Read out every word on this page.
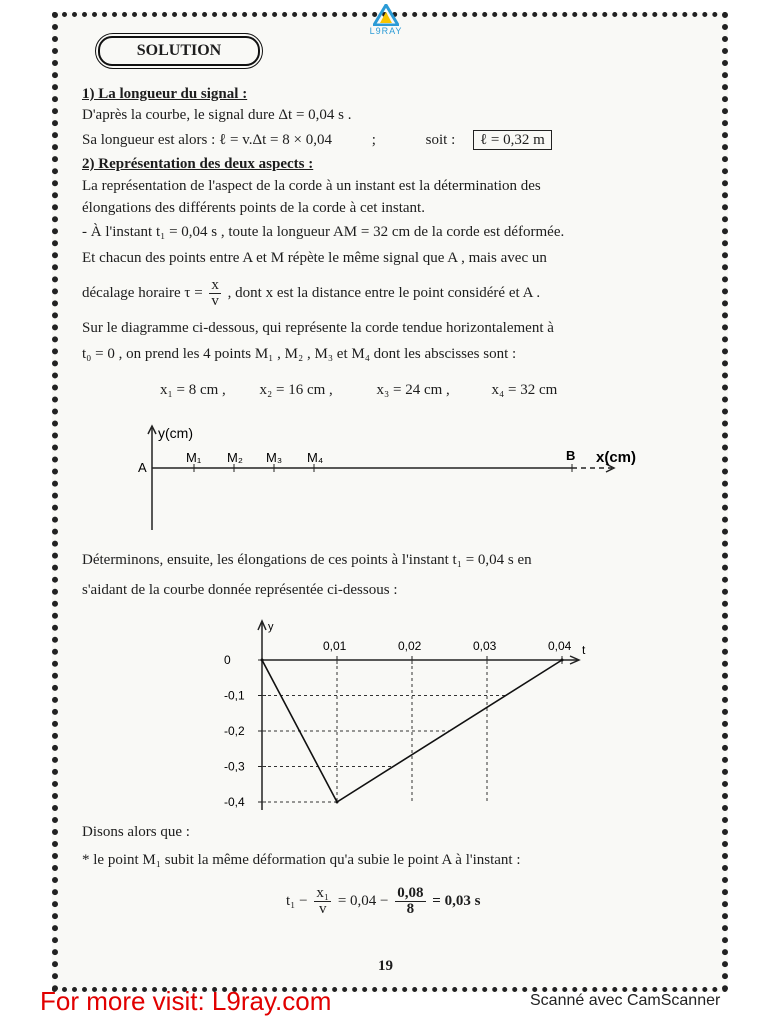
L9RAY
SOLUTION
1) La longueur du signal :
D'après la courbe, le signal dure Δt = 0,04 s .
Sa longueur est alors : ℓ = v.Δt = 8 × 0,04	;	soit : ℓ = 0,32 m
2) Représentation des deux aspects :
La représentation de l'aspect de la corde à un instant est la détermination des
élongations des différents points de la corde à cet instant.
- À l'instant t₁ = 0,04 s , toute la longueur AM = 32 cm de la corde est déformée.
Et chacun des points entre A et M répète le même signal que A , mais avec un
décalage horaire $\tau = \frac{x}{v}$ , dont x est la distance entre le point considéré et A .
Sur le diagramme ci-dessous, qui représente la corde tendue horizontalement à
t₀ = 0 , on prend les 4 points M₁ , M₂ , M₃ et M₄ dont les abscisses sont :
x₁ = 8 cm , x₂ = 16 cm ,	x₃ = 24 cm ,	x₄ = 32 cm
y(cm)
A
B x(cm)
M₁ M₂ M₃ M₄
Déterminons, ensuite, les élongations de ces points à l'instant t₁ = 0,04 s en
s'aidant de la courbe donnée représentée ci-dessous :
y
t
0,01	0,02	0,03	0,04
0
-0,1
-0,2
-0,3
-0,4
Disons alors que :
* le point M₁ subit la même déformation qu'a subie le point A à l'instant :
$t_1 - \frac{\text{x₁}}{v} = 0,04 - \frac{0,08}{8} = 0,03$ s
19
For more visit: L9ray.com	Scanné avec CamScanner
